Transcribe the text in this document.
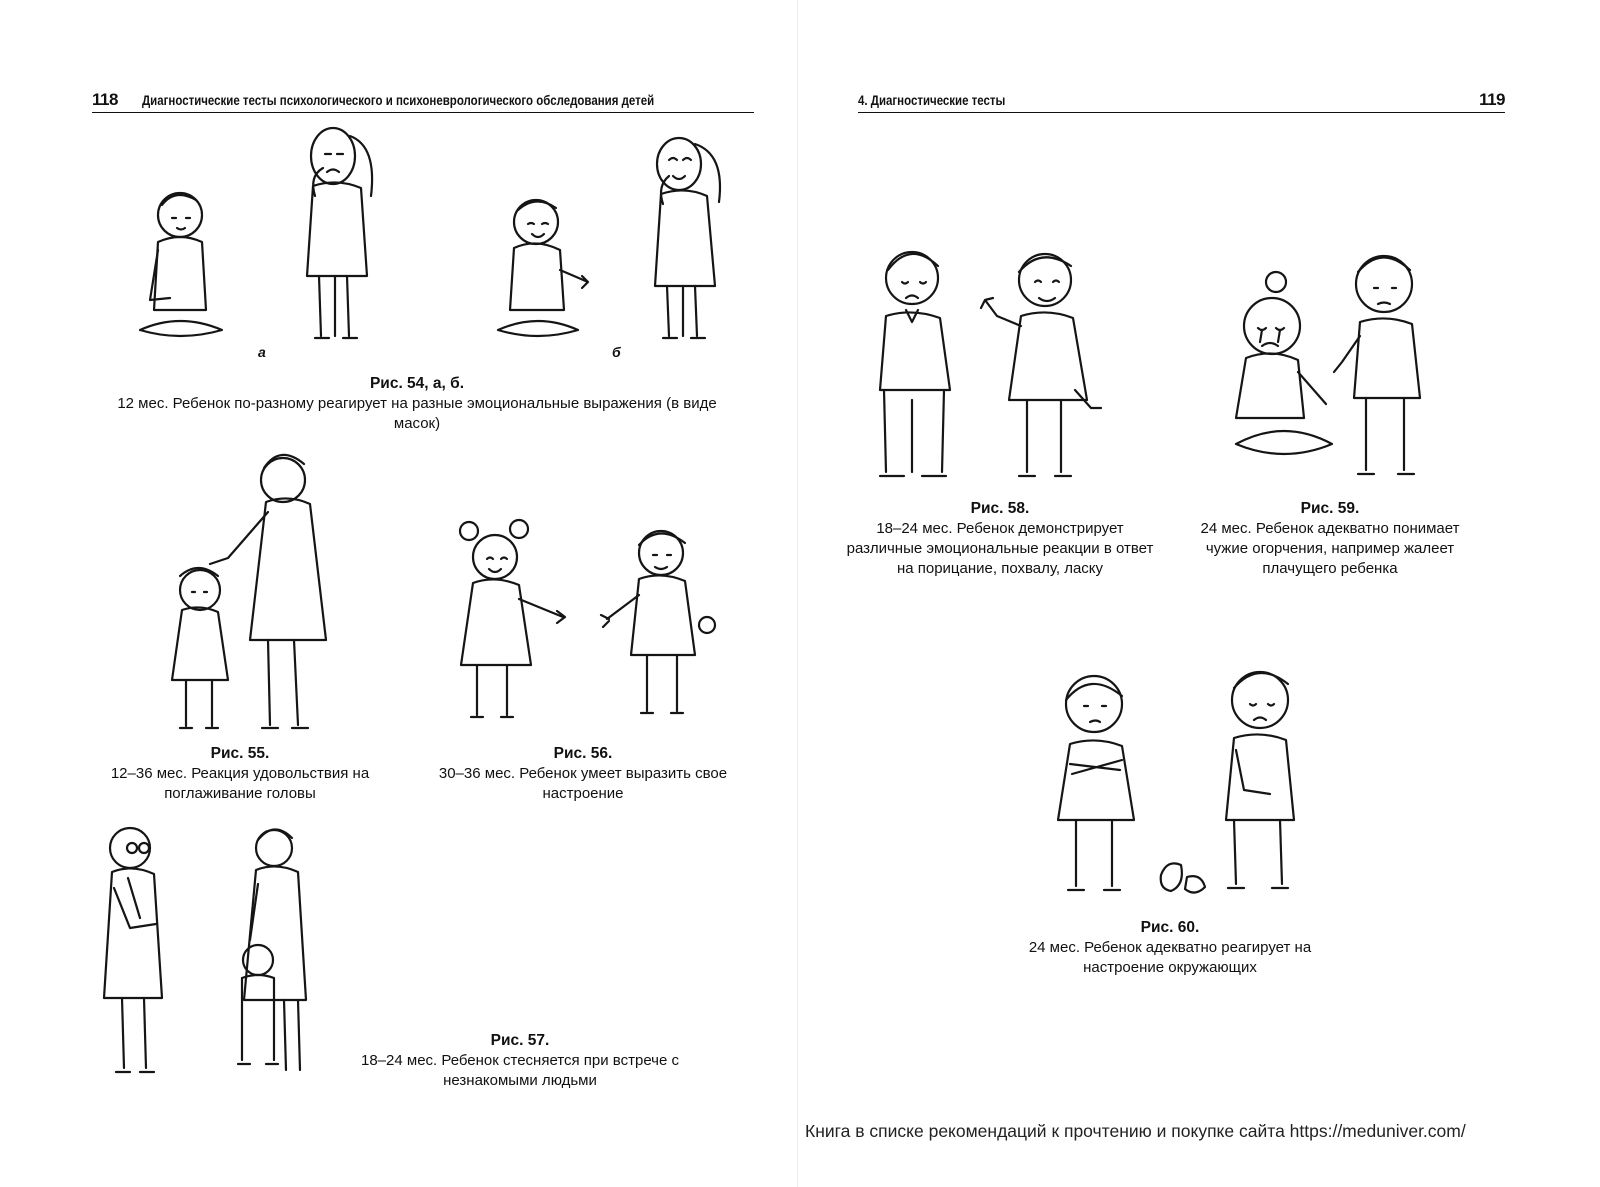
118 Диагностические тесты психологического и психоневрологического обследования детей	4. Диагностические тесты	119
а	б
Рис. 54, а, б.
12 мес. Ребенок по-разному реагирует на разные эмоциональные выражения (в виде масок)
Рис. 55.
12–36 мес. Реакция удовольствия на поглаживание головы
Рис. 56.
30–36 мес. Ребенок умеет выразить свое настроение
Рис. 57.
18–24 мес. Ребенок стесняется при встрече с незнакомыми людьми
Рис. 58.
18–24 мес. Ребенок демонстрирует различные эмоциональные реакции в ответ на порицание, похвалу, ласку
Рис. 59.
24 мес. Ребенок адекватно понимает чужие огорчения, например жалеет плачущего ребенка
Рис. 60.
24 мес. Ребенок адекватно реагирует на настроение окружающих
Книга в списке рекомендаций к прочтению и покупке сайта https://meduniver.com/
